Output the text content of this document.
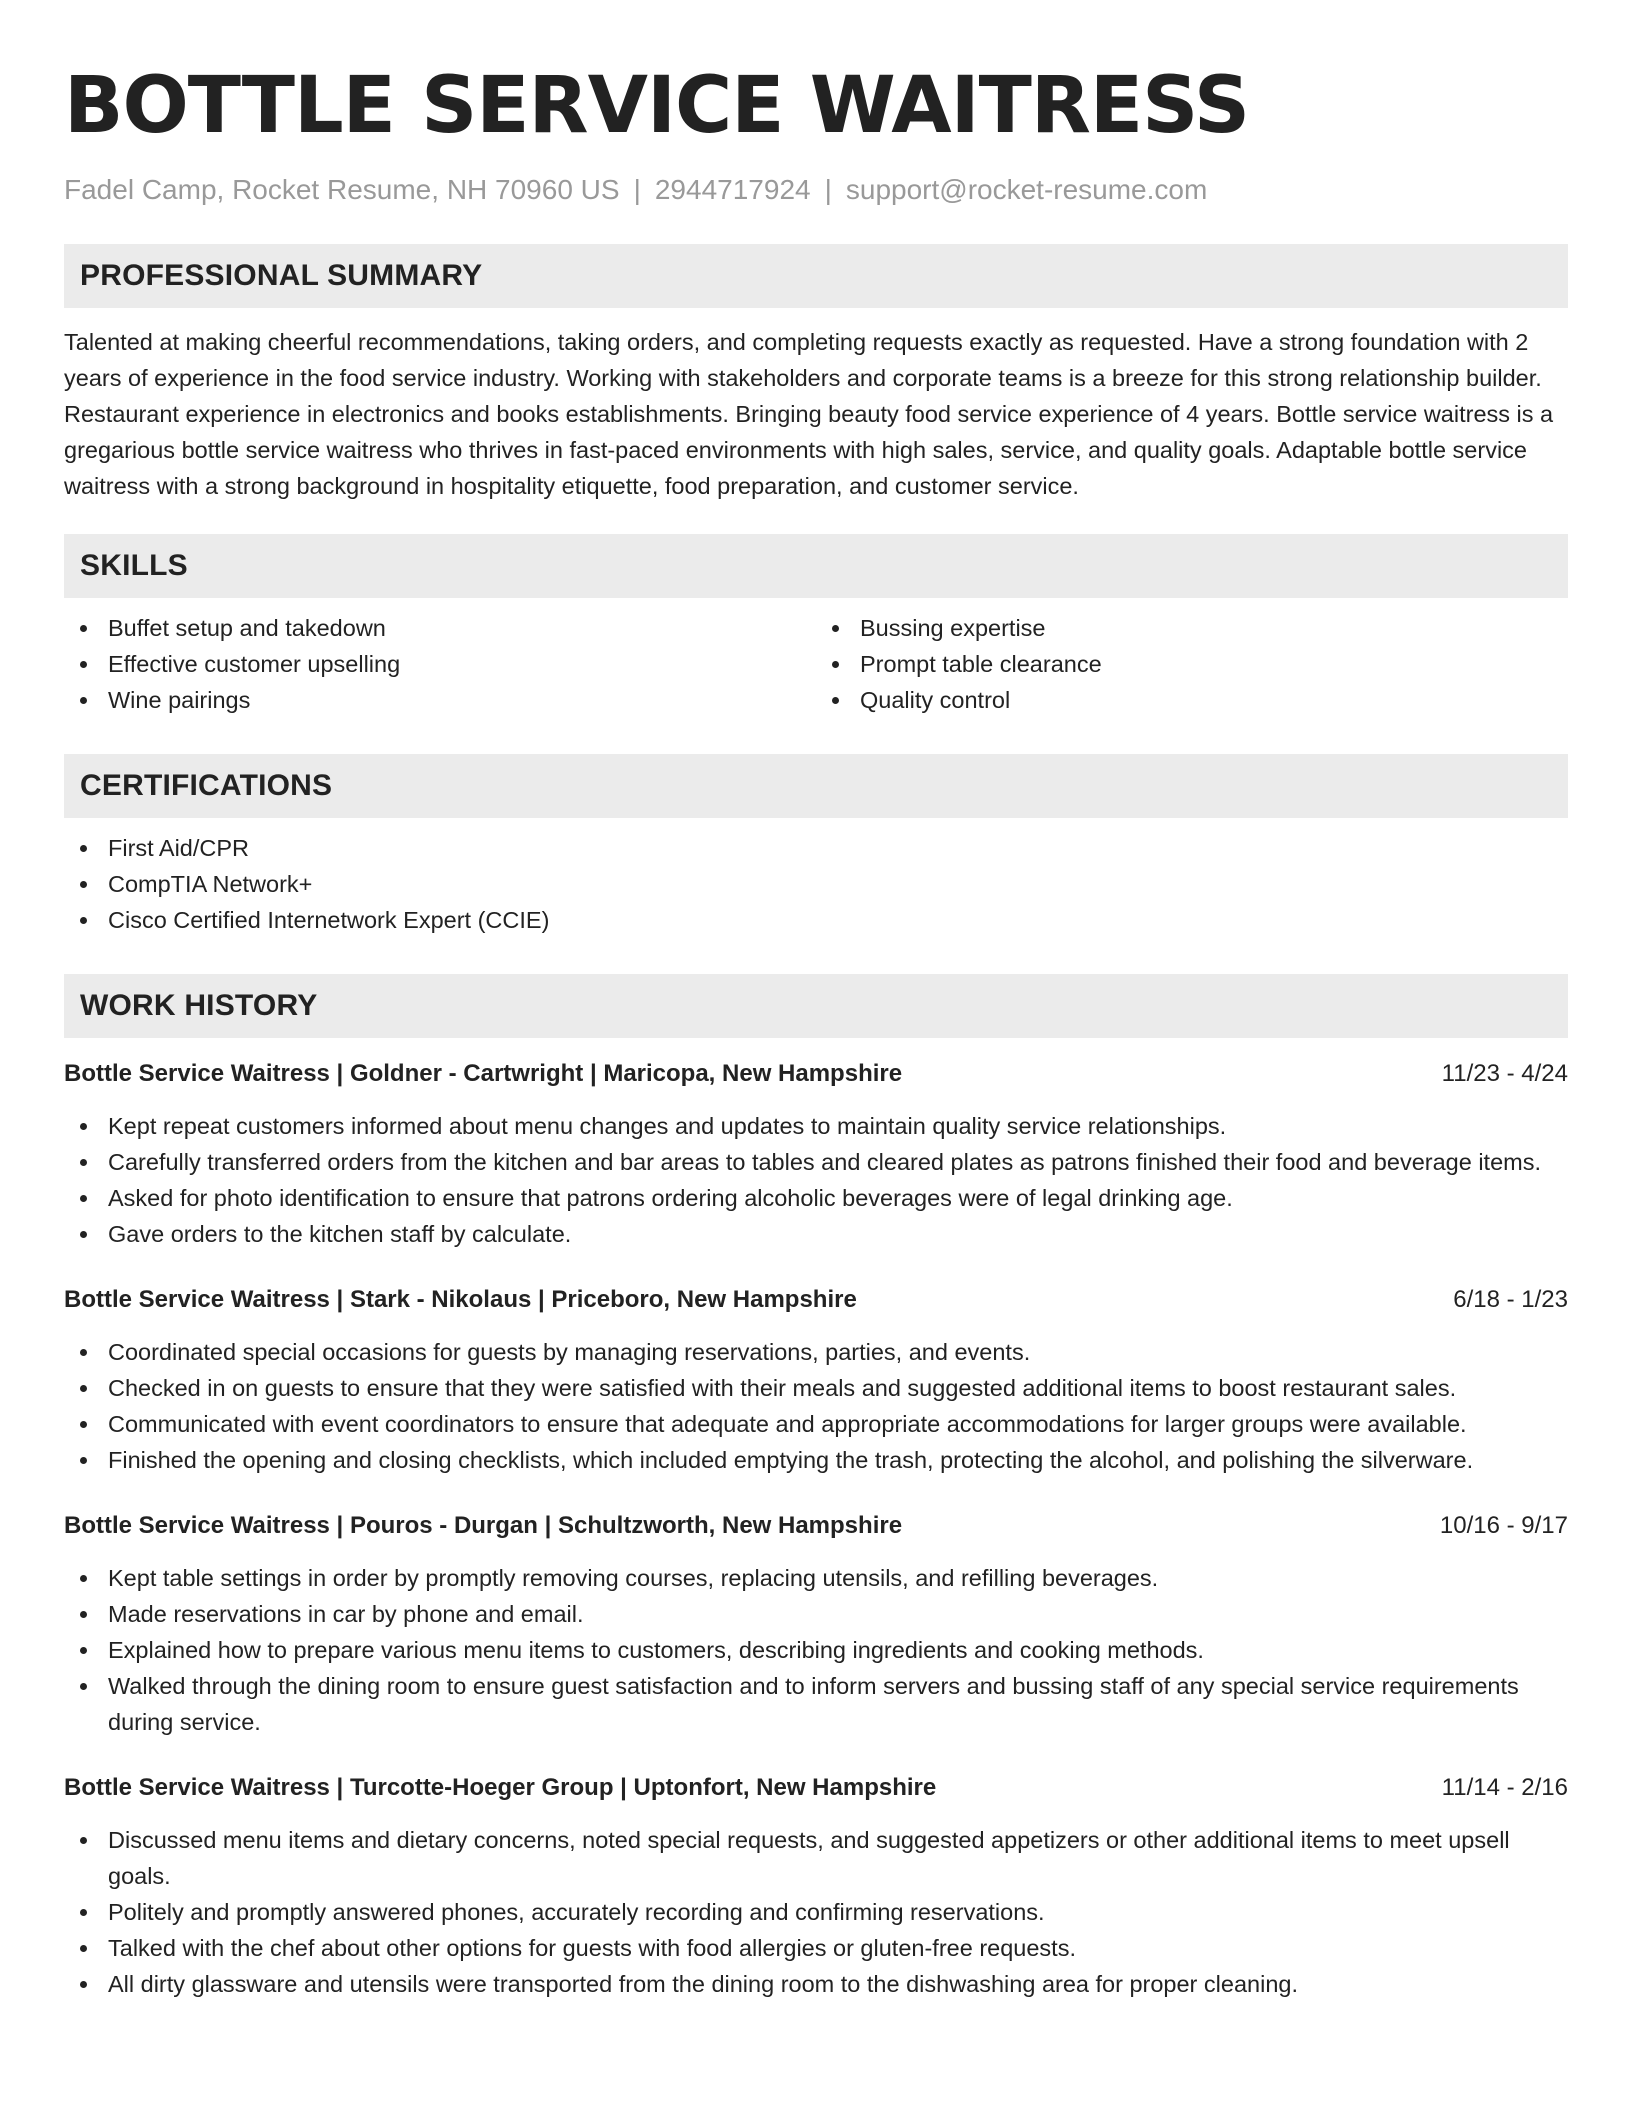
BOTTLE SERVICE WAITRESS
Fadel Camp, Rocket Resume, NH 70960 US | 2944717924 | support@rocket-resume.com
PROFESSIONAL SUMMARY

Talented at making cheerful recommendations, taking orders, and completing requests exactly as requested. Have a strong foundation with 2 years of experience in the food service industry. Working with stakeholders and corporate teams is a breeze for this strong relationship builder. Restaurant experience in electronics and books establishments. Bringing beauty food service experience of 4 years. Bottle service waitress is a gregarious bottle service waitress who thrives in fast-paced environments with high sales, service, and quality goals. Adaptable bottle service waitress with a strong background in hospitality etiquette, food preparation, and customer service.

SKILLS
Buffet setup and takedown
Effective customer upselling
Wine pairings
Bussing expertise
Prompt table clearance
Quality control
CERTIFICATIONS
First Aid/CPR
CompTIA Network+
Cisco Certified Internetwork Expert (CCIE)
WORK HISTORY
Bottle Service Waitress | Goldner - Cartwright | Maricopa, New Hampshire	11/23 - 4/24
Kept repeat customers informed about menu changes and updates to maintain quality service relationships.
Carefully transferred orders from the kitchen and bar areas to tables and cleared plates as patrons finished their food and beverage items.
Asked for photo identification to ensure that patrons ordering alcoholic beverages were of legal drinking age.
Gave orders to the kitchen staff by calculate.
Bottle Service Waitress | Stark - Nikolaus | Priceboro, New Hampshire	6/18 - 1/23
Coordinated special occasions for guests by managing reservations, parties, and events.
Checked in on guests to ensure that they were satisfied with their meals and suggested additional items to boost restaurant sales.
Communicated with event coordinators to ensure that adequate and appropriate accommodations for larger groups were available.
Finished the opening and closing checklists, which included emptying the trash, protecting the alcohol, and polishing the silverware.
Bottle Service Waitress | Pouros - Durgan | Schultzworth, New Hampshire	10/16 - 9/17
Kept table settings in order by promptly removing courses, replacing utensils, and refilling beverages.
Made reservations in car by phone and email.
Explained how to prepare various menu items to customers, describing ingredients and cooking methods.
Walked through the dining room to ensure guest satisfaction and to inform servers and bussing staff of any special service requirements during service.
Bottle Service Waitress | Turcotte-Hoeger Group | Uptonfort, New Hampshire	11/14 - 2/16
Discussed menu items and dietary concerns, noted special requests, and suggested appetizers or other additional items to meet upsell goals.
Politely and promptly answered phones, accurately recording and confirming reservations.
Talked with the chef about other options for guests with food allergies or gluten-free requests.
All dirty glassware and utensils were transported from the dining room to the dishwashing area for proper cleaning.
